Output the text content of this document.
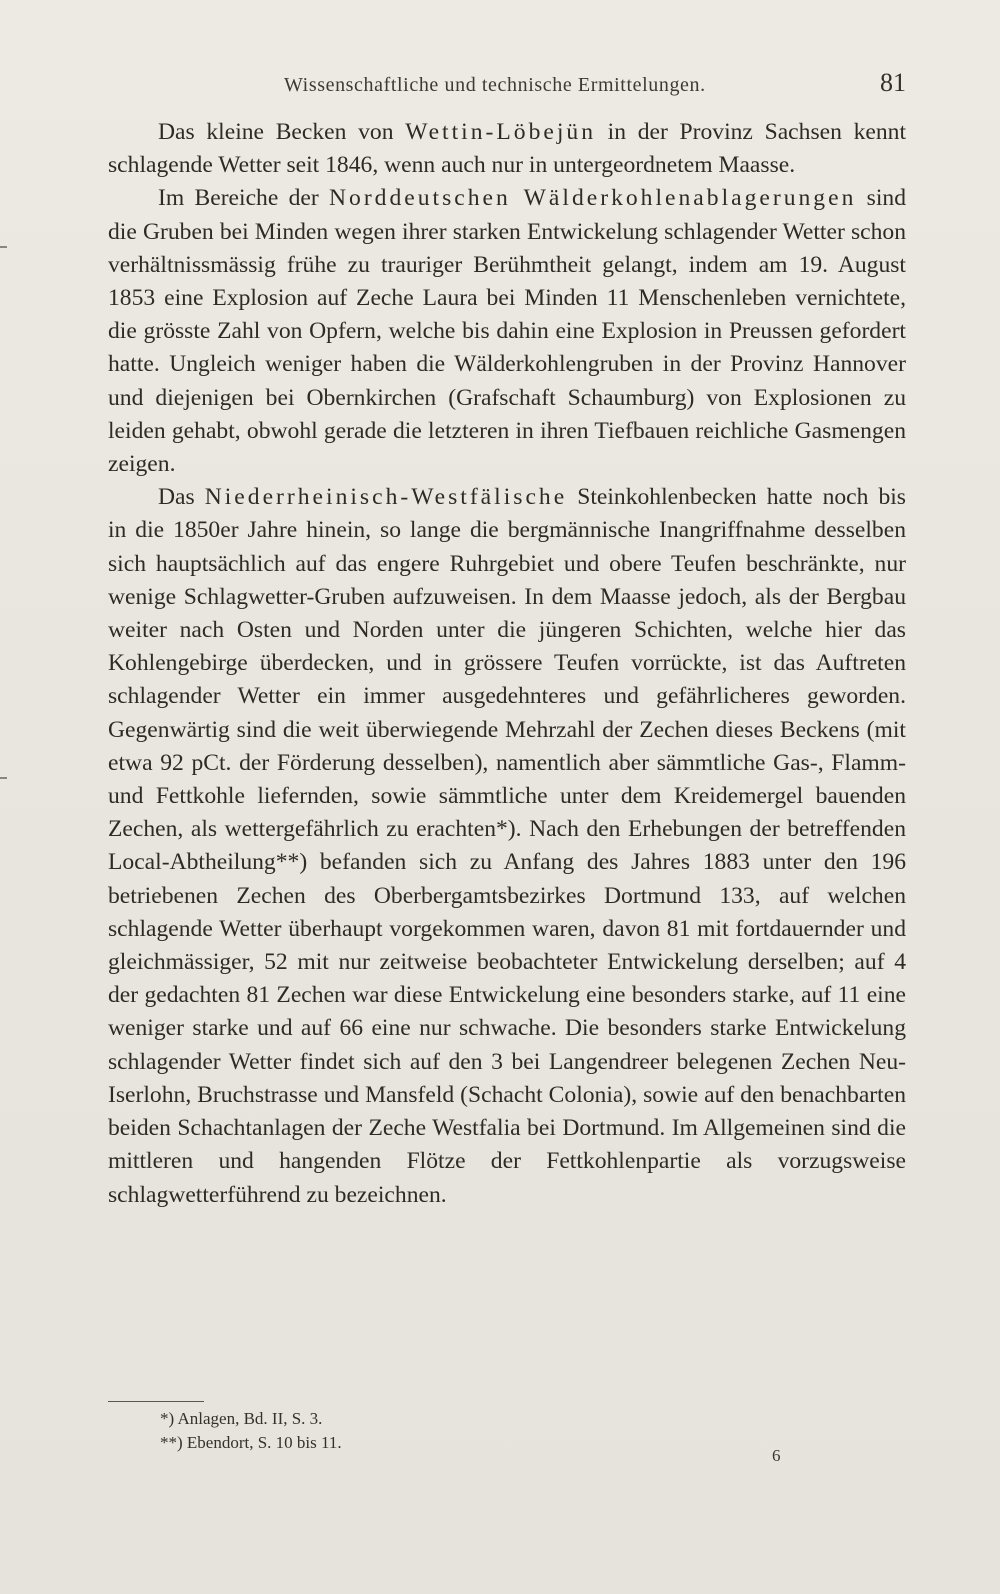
Wissenschaftliche und technische Ermittelungen.	81

Das kleine Becken von Wettin-Löbejün in der Provinz Sachsen kennt schlagende Wetter seit 1846, wenn auch nur in untergeordnetem Maasse.

Im Bereiche der Norddeutschen Wälderkohlenablagerungen sind die Gruben bei Minden wegen ihrer starken Entwickelung schlagender Wetter schon verhältnissmässig frühe zu trauriger Berühmtheit gelangt, indem am 19. August 1853 eine Explosion auf Zeche Laura bei Minden 11 Menschenleben vernichtete, die grösste Zahl von Opfern, welche bis dahin eine Explosion in Preussen gefordert hatte. Ungleich weniger haben die Wälderkohlengruben in der Provinz Hannover und diejenigen bei Obernkirchen (Grafschaft Schaumburg) von Explosionen zu leiden gehabt, obwohl gerade die letzteren in ihren Tiefbauen reichliche Gasmengen zeigen.

Das Niederrheinisch-Westfälische Steinkohlenbecken hatte noch bis in die 1850er Jahre hinein, so lange die bergmännische Inangriffnahme desselben sich hauptsächlich auf das engere Ruhrgebiet und obere Teufen beschränkte, nur wenige Schlagwetter-Gruben aufzuweisen. In dem Maasse jedoch, als der Bergbau weiter nach Osten und Norden unter die jüngeren Schichten, welche hier das Kohlengebirge überdecken, und in grössere Teufen vorrückte, ist das Auftreten schlagender Wetter ein immer ausgedehnteres und gefährlicheres geworden. Gegenwärtig sind die weit überwiegende Mehrzahl der Zechen dieses Beckens (mit etwa 92 pCt. der Förderung desselben), namentlich aber sämmtliche Gas-, Flamm- und Fettkohle liefernden, sowie sämmtliche unter dem Kreidemergel bauenden Zechen, als wettergefährlich zu erachten*). Nach den Erhebungen der betreffenden Local-Abtheilung**) befanden sich zu Anfang des Jahres 1883 unter den 196 betriebenen Zechen des Oberbergamtsbezirkes Dortmund 133, auf welchen schlagende Wetter überhaupt vorgekommen waren, davon 81 mit fortdauernder und gleichmässiger, 52 mit nur zeitweise beobachteter Entwickelung derselben; auf 4 der gedachten 81 Zechen war diese Entwickelung eine besonders starke, auf 11 eine weniger starke und auf 66 eine nur schwache. Die besonders starke Entwickelung schlagender Wetter findet sich auf den 3 bei Langendreer belegenen Zechen Neu-Iserlohn, Bruchstrasse und Mansfeld (Schacht Colonia), sowie auf den benachbarten beiden Schachtanlagen der Zeche Westfalia bei Dortmund. Im Allgemeinen sind die mittleren und hangenden Flötze der Fettkohlenpartie als vorzugsweise schlagwetterführend zu bezeichnen.

*) Anlagen, Bd. II, S. 3.
**) Ebendort, S. 10 bis 11.
6
